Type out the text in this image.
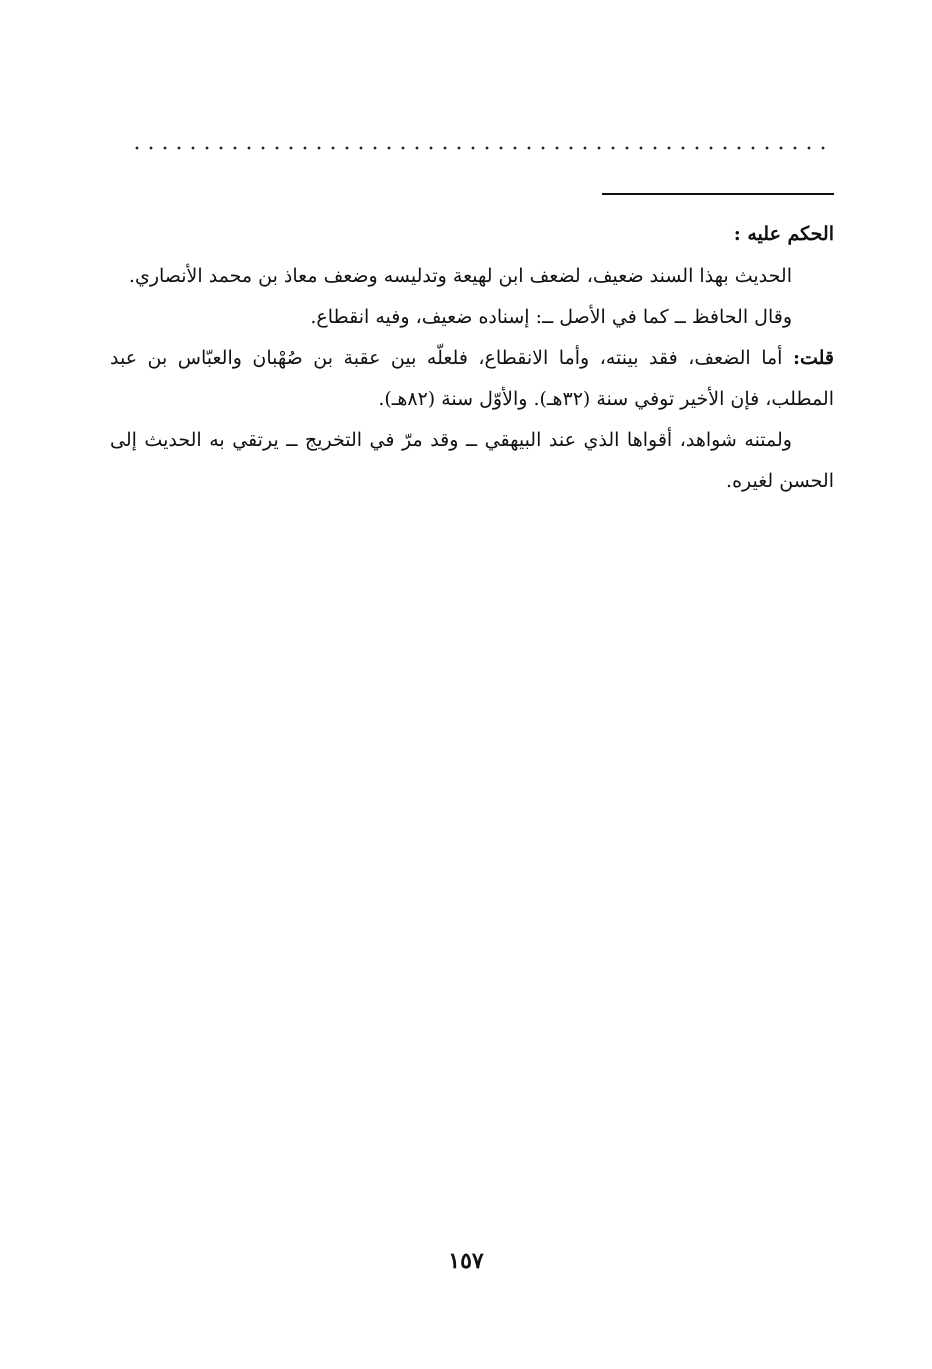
الحكم عليه :

الحديث بهذا السند ضعيف، لضعف ابن لهيعة وتدليسه وضعف معاذ بن محمد الأنصاري.

وقال الحافظ ــ كما في الأصل ــ: إسناده ضعيف، وفيه انقطاع.

قلت: أما الضعف، فقد بينته، وأما الانقطاع، فلعلّه بين عقبة بن صُهْبان والعبّاس بن عبد المطلب، فإن الأخير توفي سنة (٣٢هـ). والأوّل سنة (٨٢هـ).

ولمتنه شواهد، أقواها الذي عند البيهقي ــ وقد مرّ في التخريج ــ يرتقي به الحديث إلى الحسن لغيره.

١٥٧
